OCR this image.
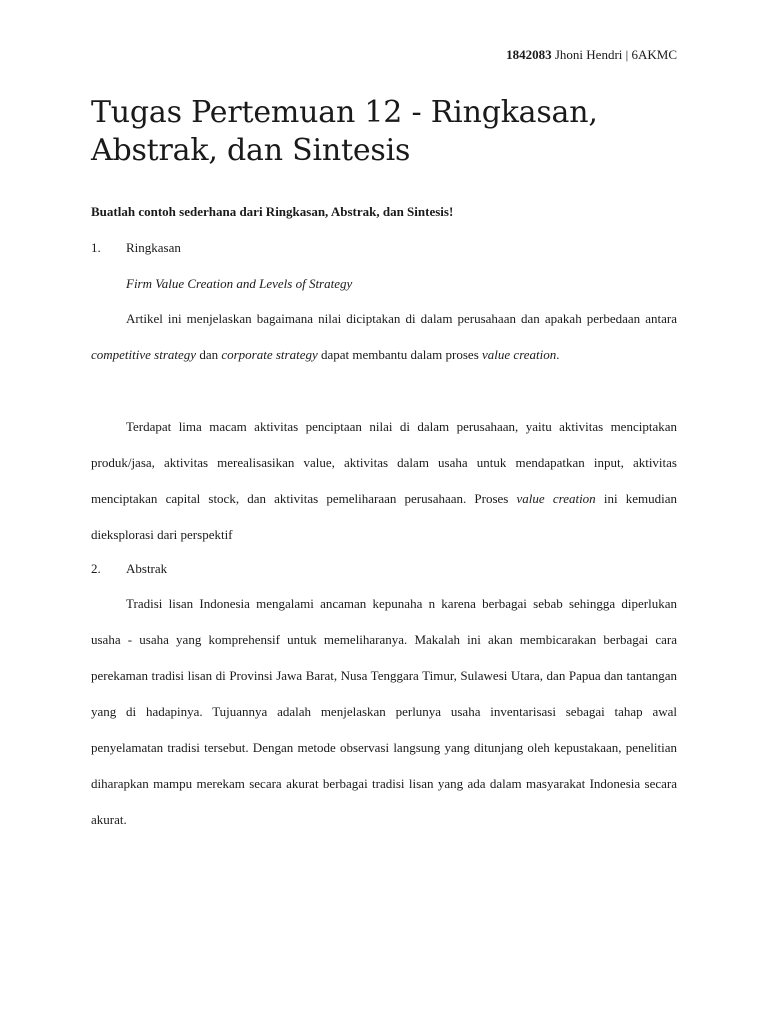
1842083 Jhoni Hendri | 6AKMC
Tugas Pertemuan 12 - Ringkasan, Abstrak, dan Sintesis
Buatlah contoh sederhana dari Ringkasan, Abstrak, dan Sintesis!
1. Ringkasan
Firm Value Creation and Levels of Strategy

Artikel ini menjelaskan bagaimana nilai diciptakan di dalam perusahaan dan apakah perbedaan antara competitive strategy dan corporate strategy dapat membantu dalam proses value creation.

Terdapat lima macam aktivitas penciptaan nilai di dalam perusahaan, yaitu aktivitas menciptakan produk/jasa, aktivitas merealisasikan value, aktivitas dalam usaha untuk mendapatkan input, aktivitas menciptakan capital stock, dan aktivitas pemeliharaan perusahaan. Proses value creation ini kemudian dieksplorasi dari perspektif

2. Abstrak

Tradisi lisan Indonesia mengalami ancaman kepunaha n karena berbagai sebab sehingga diperlukan usaha - usaha yang komprehensif untuk memeliharanya. Makalah ini akan membicarakan berbagai cara perekaman tradisi lisan di Provinsi Jawa Barat, Nusa Tenggara Timur, Sulawesi Utara, dan Papua dan tantangan yang di hadapinya. Tujuannya adalah menjelaskan perlunya usaha inventarisasi sebagai tahap awal penyelamatan tradisi tersebut. Dengan metode observasi langsung yang ditunjang oleh kepustakaan, penelitian diharapkan mampu merekam secara akurat berbagai tradisi lisan yang ada dalam masyarakat Indonesia secara akurat.
